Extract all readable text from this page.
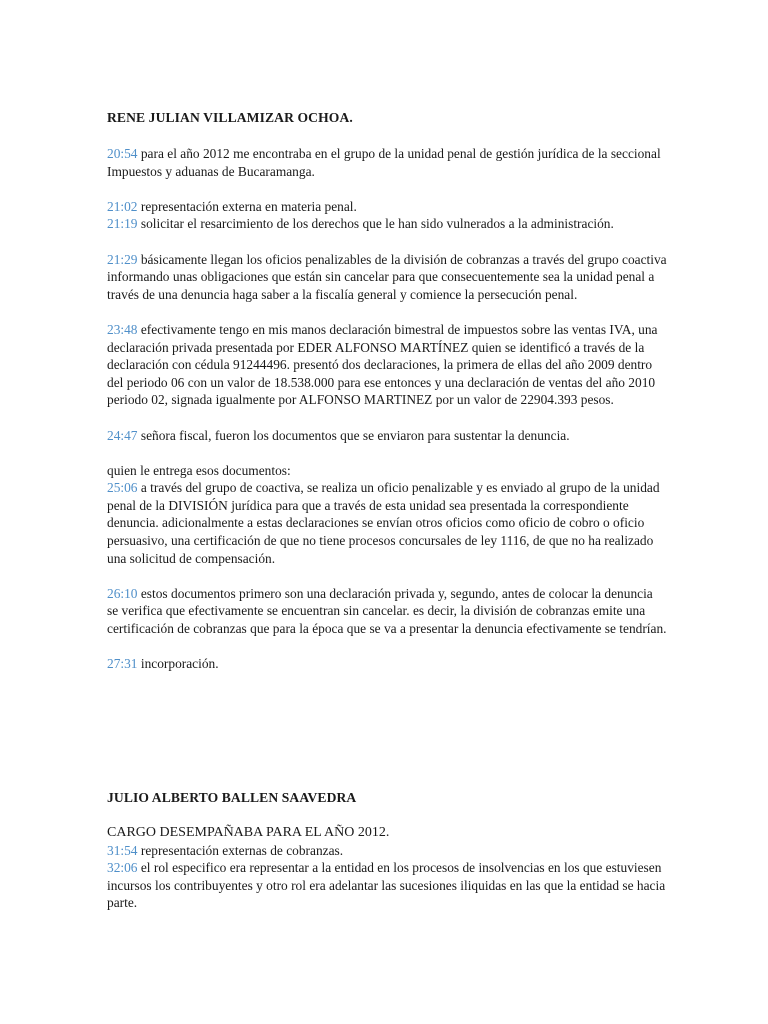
RENE JULIAN VILLAMIZAR OCHOA.

20:54 para el año 2012 me encontraba en el grupo de la unidad penal de gestión jurídica de la seccional Impuestos y aduanas de Bucaramanga.

21:02 representación externa en materia penal.

21:19 solicitar el resarcimiento de los derechos que le han sido vulnerados a la administración.

21:29 básicamente llegan los oficios penalizables de la división de cobranzas a través del grupo coactiva informando unas obligaciones que están sin cancelar para que consecuentemente sea la unidad penal a través de una denuncia haga saber a la fiscalía general y comience la persecución penal.

23:48 efectivamente tengo en mis manos declaración bimestral de impuestos sobre las ventas IVA, una declaración privada presentada por EDER ALFONSO MARTÍNEZ quien se identificó a través de la declaración con cédula 91244496. presentó dos declaraciones, la primera de ellas del año 2009 dentro del periodo 06 con un valor de 18.538.000 para ese entonces y una declaración de ventas del año 2010 periodo 02, signada igualmente por ALFONSO MARTINEZ por un valor de 22904.393 pesos.

24:47 señora fiscal, fueron los documentos que se enviaron para sustentar la denuncia.

quien le entrega esos documentos:

25:06 a través del grupo de coactiva, se realiza un oficio penalizable y es enviado al grupo de la unidad penal de la DIVISIÓN jurídica para que a través de esta unidad sea presentada la correspondiente denuncia. adicionalmente a estas declaraciones se envían otros oficios como oficio de cobro o oficio persuasivo, una certificación de que no tiene procesos concursales de ley 1116, de que no ha realizado una solicitud de compensación.

26:10 estos documentos primero son una declaración privada y, segundo, antes de colocar la denuncia se verifica que efectivamente se encuentran sin cancelar. es decir, la división de cobranzas emite una certificación de cobranzas que para la época que se va a presentar la denuncia efectivamente se tendrían.

27:31 incorporación.

JULIO ALBERTO BALLEN SAAVEDRA

CARGO DESEMPAÑABA PARA EL AÑO 2012.

31:54 representación externas de cobranzas.

32:06 el rol especifico era representar a la entidad en los procesos de insolvencias en los que estuviesen incursos los contribuyentes y otro rol era adelantar las sucesiones iliquidas en las que la entidad se hacia parte.
